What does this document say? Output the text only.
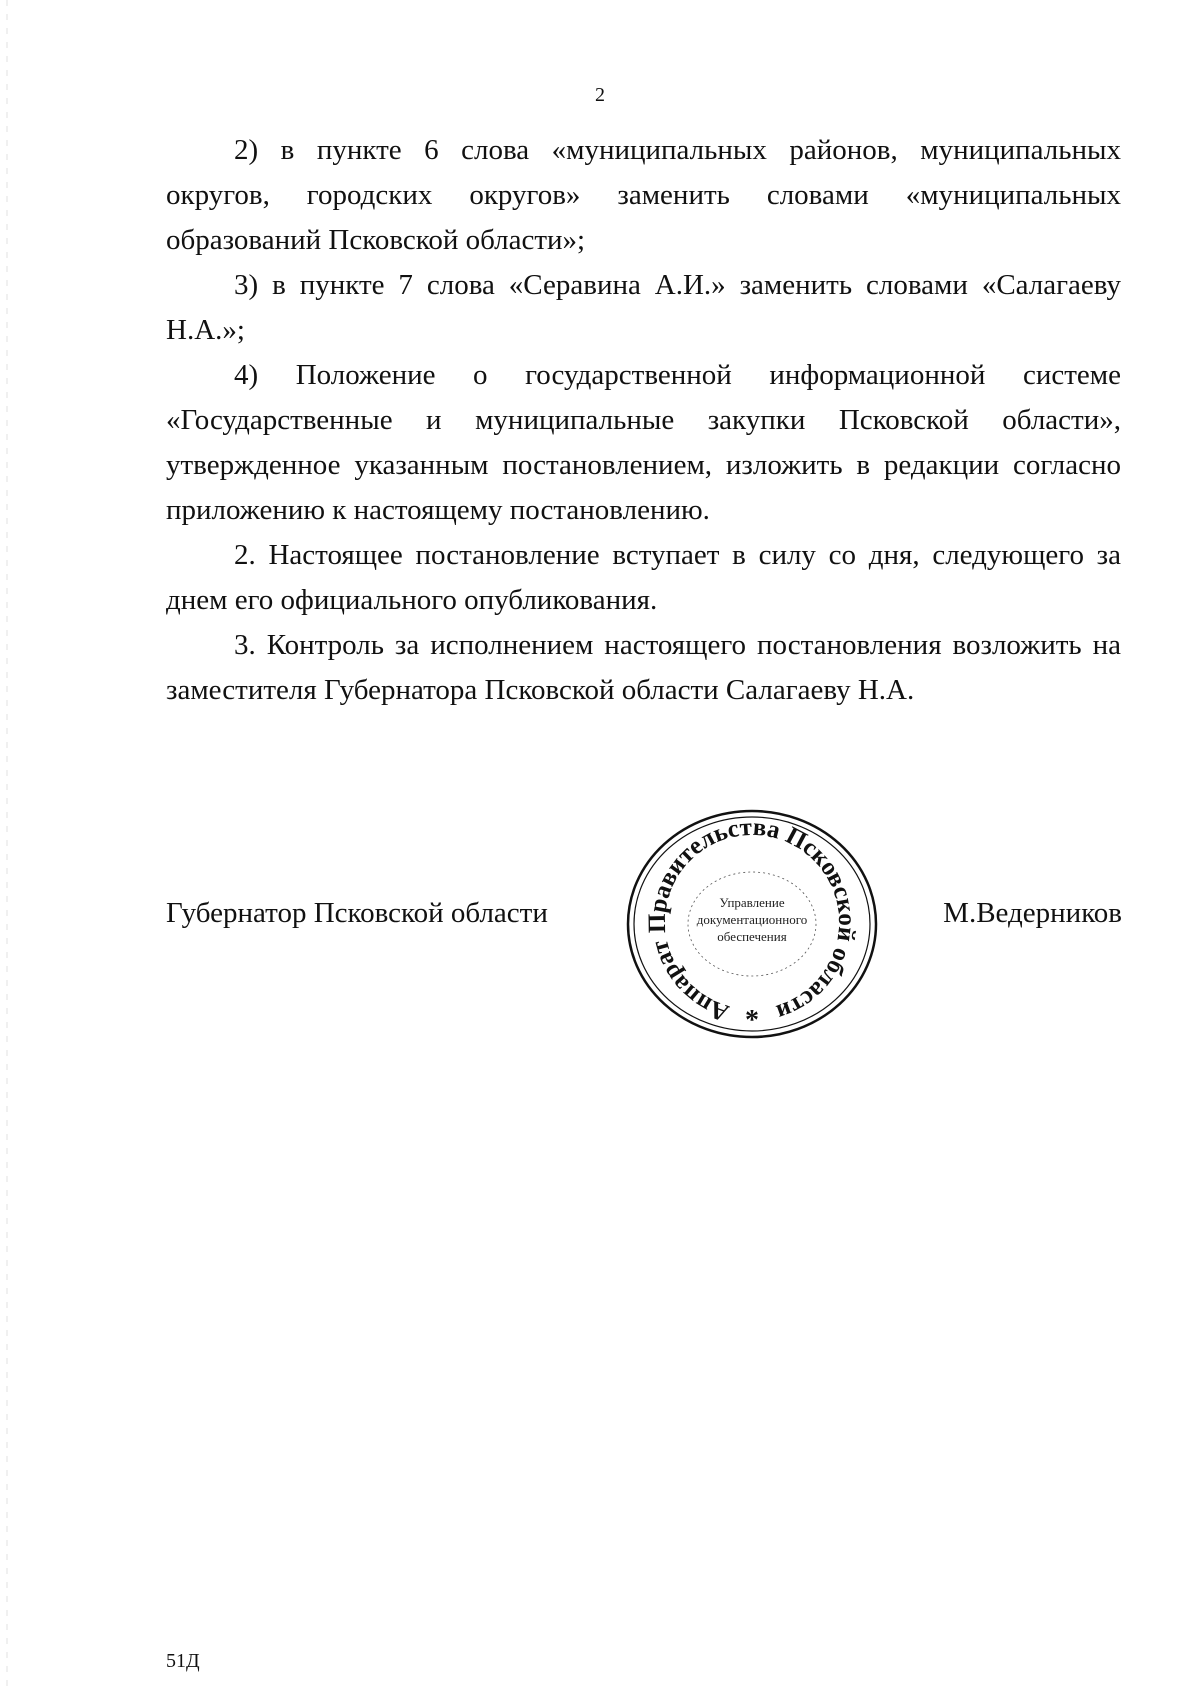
2

2) в пункте 6 слова «муниципальных районов, муниципальных округов, городских округов» заменить словами «муниципальных образований Псковской области»;

3) в пункте 7 слова «Серавина А.И.» заменить словами «Салагаеву Н.А.»;

4) Положение о государственной информационной системе «Государственные и муниципальные закупки Псковской области», утвержденное указанным постановлением, изложить в редакции согласно приложению к настоящему постановлению.

2. Настоящее постановление вступает в силу со дня, следующего за днем его официального опубликования.

3. Контроль за исполнением настоящего постановления возложить на заместителя Губернатора Псковской области Салагаеву Н.А.

Губернатор Псковской области	М.Ведерников
Аппарат Правительства Псковской области
Управление
документационного
обеспечения
*
51Д
